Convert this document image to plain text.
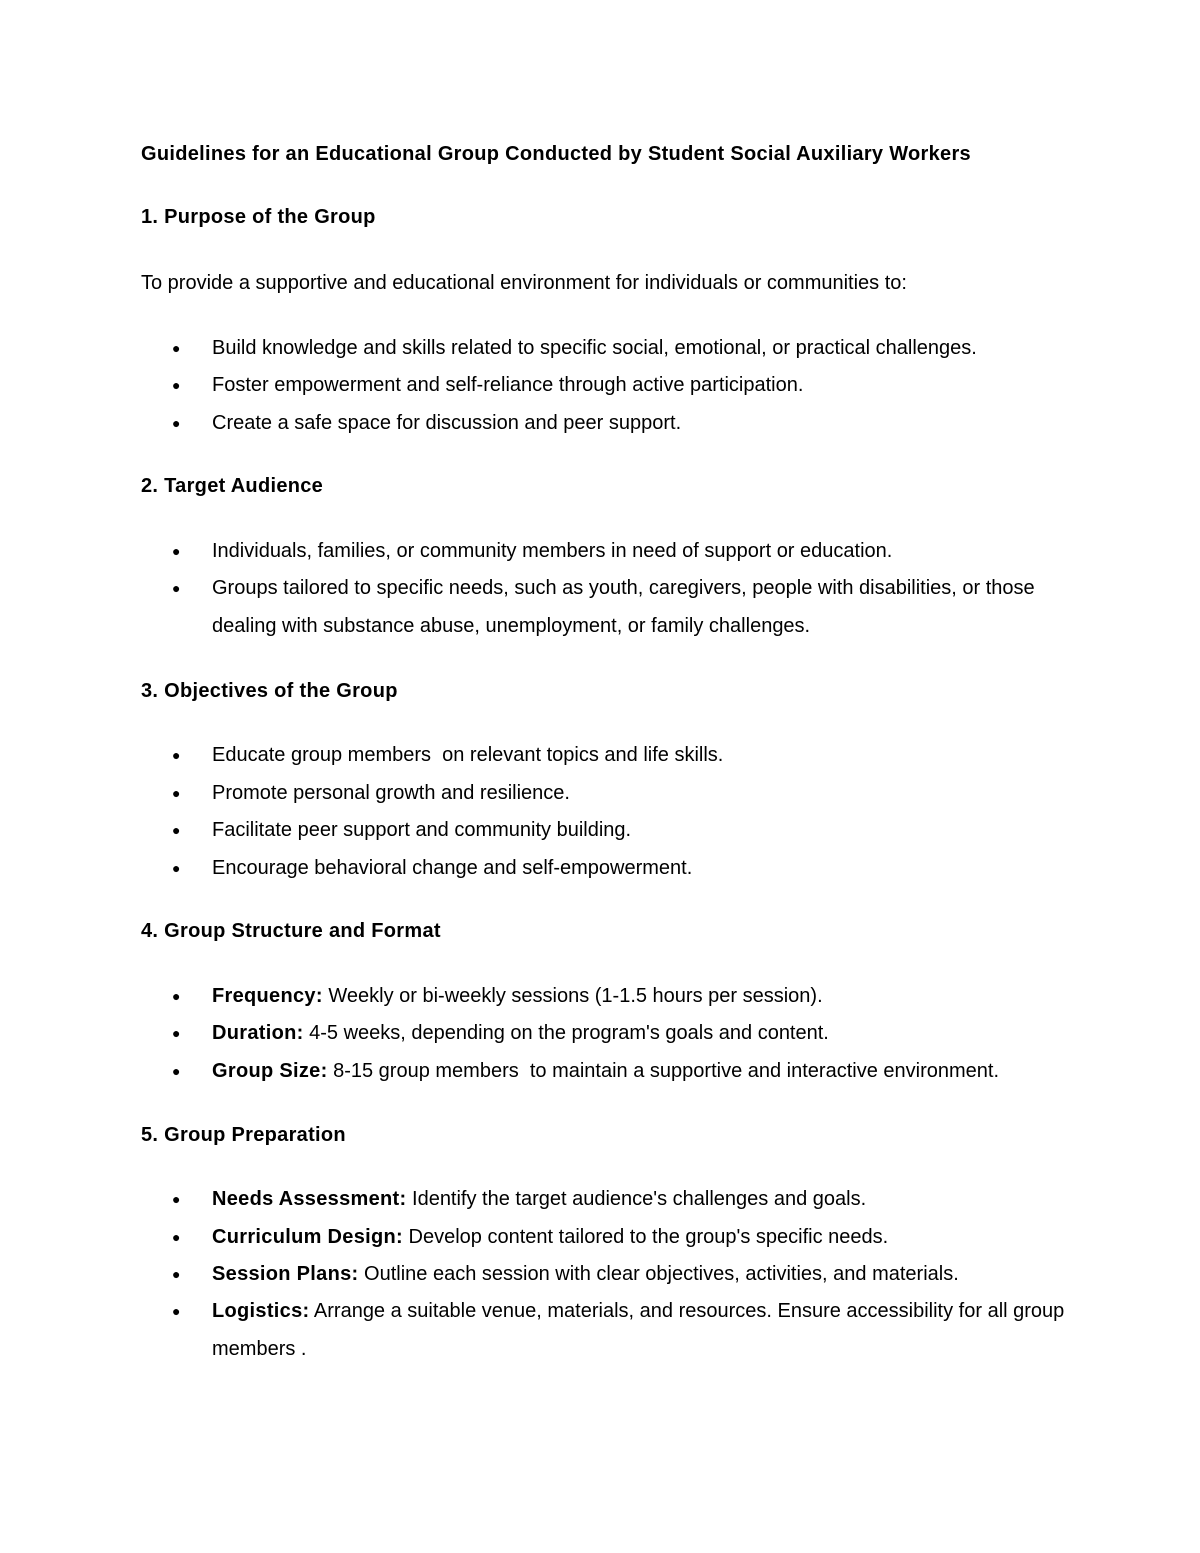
Guidelines for an Educational Group Conducted by Student Social Auxiliary Workers
1. Purpose of the Group
To provide a supportive and educational environment for individuals or communities to:
●	Build knowledge and skills related to specific social, emotional, or practical challenges.
●	Foster empowerment and self-reliance through active participation.
●	Create a safe space for discussion and peer support.
2. Target Audience
●	Individuals, families, or community members in need of support or education.
●	Groups tailored to specific needs, such as youth, caregivers, people with disabilities, or those dealing with substance abuse, unemployment, or family challenges.
3. Objectives of the Group
●	Educate group members  on relevant topics and life skills.
●	Promote personal growth and resilience.
●	Facilitate peer support and community building.
●	Encourage behavioral change and self-empowerment.
4. Group Structure and Format
●	Frequency: Weekly or bi-weekly sessions (1-1.5 hours per session).
●	Duration: 4-5 weeks, depending on the program's goals and content.
●	Group Size: 8-15 group members  to maintain a supportive and interactive environment.
5. Group Preparation
●	Needs Assessment: Identify the target audience's challenges and goals.
●	Curriculum Design: Develop content tailored to the group's specific needs.
●	Session Plans: Outline each session with clear objectives, activities, and materials.
●	Logistics: Arrange a suitable venue, materials, and resources. Ensure accessibility for all group members .
